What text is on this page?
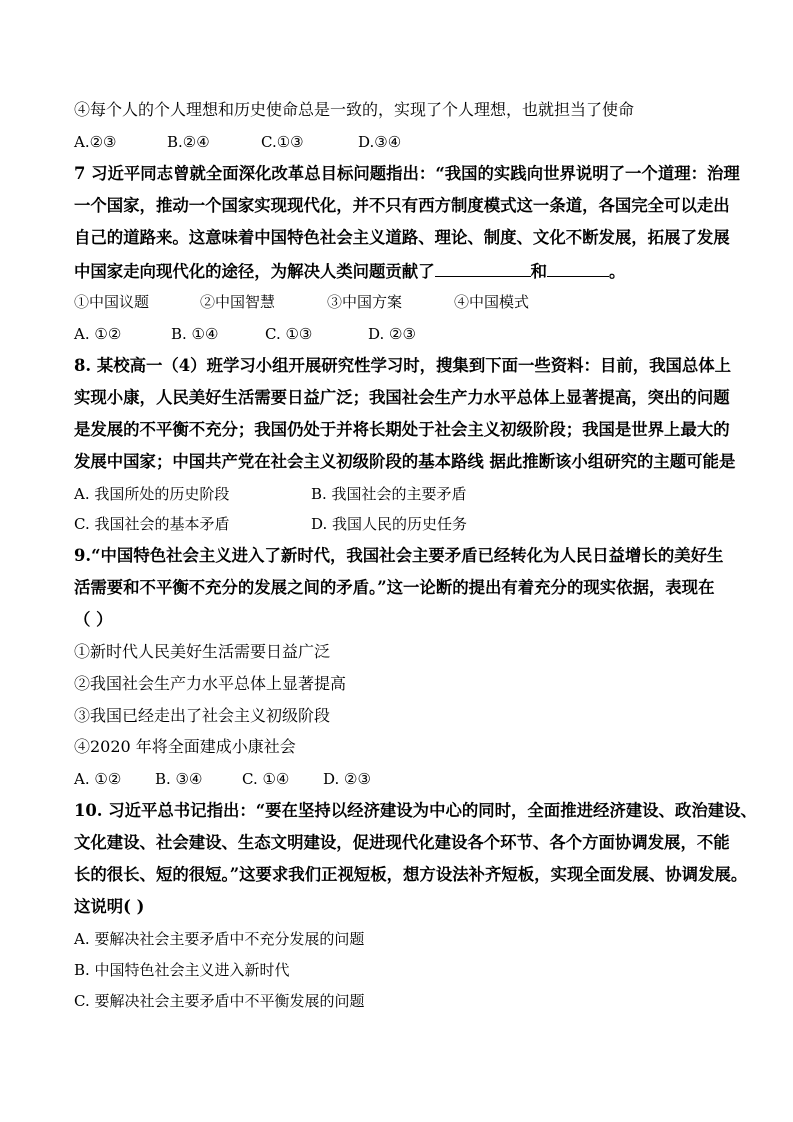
④每个人的个人理想和历史使命总是一致的，实现了个人理想，也就担当了使命
A.②③	B.②④	C.①③	D.③④
7 习近平同志曾就全面深化改革总目标问题指出：“我国的实践向世界说明了一个道理：治理
一个国家，推动一个国家实现现代化，并不只有西方制度模式这一条道，各国完全可以走出
自己的道路来。这意味着中国特色社会主义道路、理论、制度、文化不断发展，拓展了发展
中国家走向现代化的途径，为解决人类问题贡献了	和	。
①中国议题	②中国智慧	③中国方案	④中国模式
A. ①②	B. ①④	C. ①③	D. ②③
8. 某校高一（4）班学习小组开展研究性学习时，搜集到下面一些资料：目前，我国总体上
实现小康，人民美好生活需要日益广泛；我国社会生产力水平总体上显著提高，突出的问题
是发展的不平衡不充分；我国仍处于并将长期处于社会主义初级阶段；我国是世界上最大的
发展中国家；中国共产党在社会主义初级阶段的基本路线 据此推断该小组研究的主题可能是
A. 我国所处的历史阶段	B. 我国社会的主要矛盾
C. 我国社会的基本矛盾	D. 我国人民的历史任务
9.“中国特色社会主义进入了新时代，我国社会主要矛盾已经转化为人民日益增长的美好生
活需要和不平衡不充分的发展之间的矛盾。”这一论断的提出有着充分的现实依据，表现在
（ ）
①新时代人民美好生活需要日益广泛
②我国社会生产力水平总体上显著提高
③我国已经走出了社会主义初级阶段
④2020 年将全面建成小康社会
A. ①② B. ③④	C. ①④ D. ②③
10. 习近平总书记指出：“要在坚持以经济建设为中心的同时，全面推进经济建设、政治建设、
文化建设、社会建设、生态文明建设，促进现代化建设各个环节、各个方面协调发展，不能
长的很长、短的很短。”这要求我们正视短板，想方设法补齐短板，实现全面发展、协调发展。
这说明( )
A. 要解决社会主要矛盾中不充分发展的问题
B. 中国特色社会主义进入新时代
C. 要解决社会主要矛盾中不平衡发展的问题
